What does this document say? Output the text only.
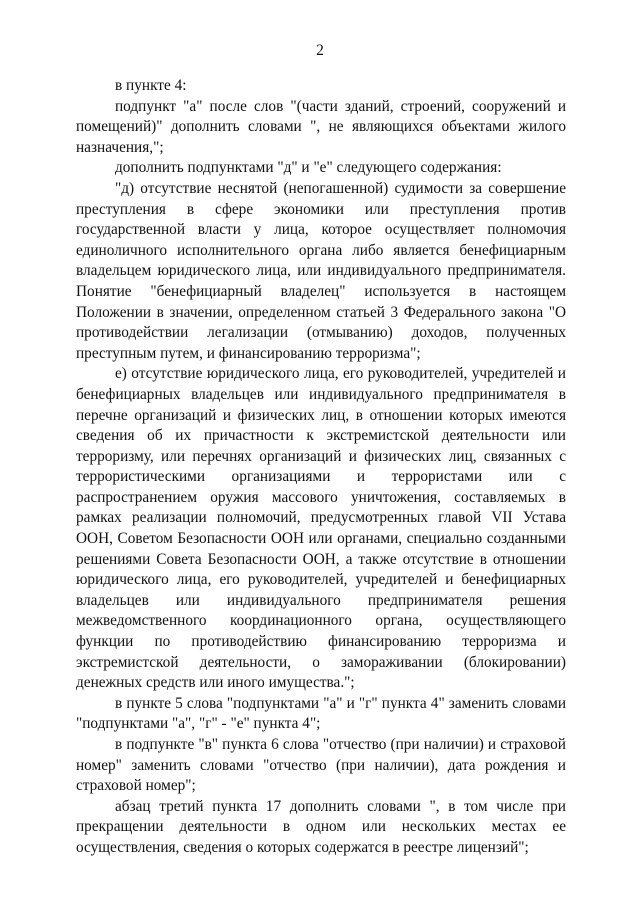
2

в пункте 4:

подпункт "а" после слов "(части зданий, строений, сооружений и помещений)" дополнить словами ", не являющихся объектами жилого назначения,";

дополнить подпунктами "д" и "е" следующего содержания:

"д) отсутствие неснятой (непогашенной) судимости за совершение преступления в сфере экономики или преступления против государственной власти у лица, которое осуществляет полномочия единоличного исполнительного органа либо является бенефициарным владельцем юридического лица, или индивидуального предпринимателя. Понятие "бенефициарный владелец" используется в настоящем Положении в значении, определенном статьей 3 Федерального закона "О противодействии легализации (отмыванию) доходов, полученных преступным путем, и финансированию терроризма";

е) отсутствие юридического лица, его руководителей, учредителей и бенефициарных владельцев или индивидуального предпринимателя в перечне организаций и физических лиц, в отношении которых имеются сведения об их причастности к экстремистской деятельности или терроризму, или перечнях организаций и физических лиц, связанных с террористическими организациями и террористами или с распространением оружия массового уничтожения, составляемых в рамках реализации полномочий, предусмотренных главой VII Устава ООН, Советом Безопасности ООН или органами, специально созданными решениями Совета Безопасности ООН, а также отсутствие в отношении юридического лица, его руководителей, учредителей и бенефициарных владельцев или индивидуального предпринимателя решения межведомственного координационного органа, осуществляющего функции по противодействию финансированию терроризма и экстремистской деятельности, о замораживании (блокировании) денежных средств или иного имущества.";

в пункте 5 слова "подпунктами "а" и "г" пункта 4" заменить словами "подпунктами "а", "г" - "е" пункта 4";

в подпункте "в" пункта 6 слова "отчество (при наличии) и страховой номер" заменить словами "отчество (при наличии), дата рождения и страховой номер";

абзац третий пункта 17 дополнить словами ", в том числе при прекращении деятельности в одном или нескольких местах ее осуществления, сведения о которых содержатся в реестре лицензий";
